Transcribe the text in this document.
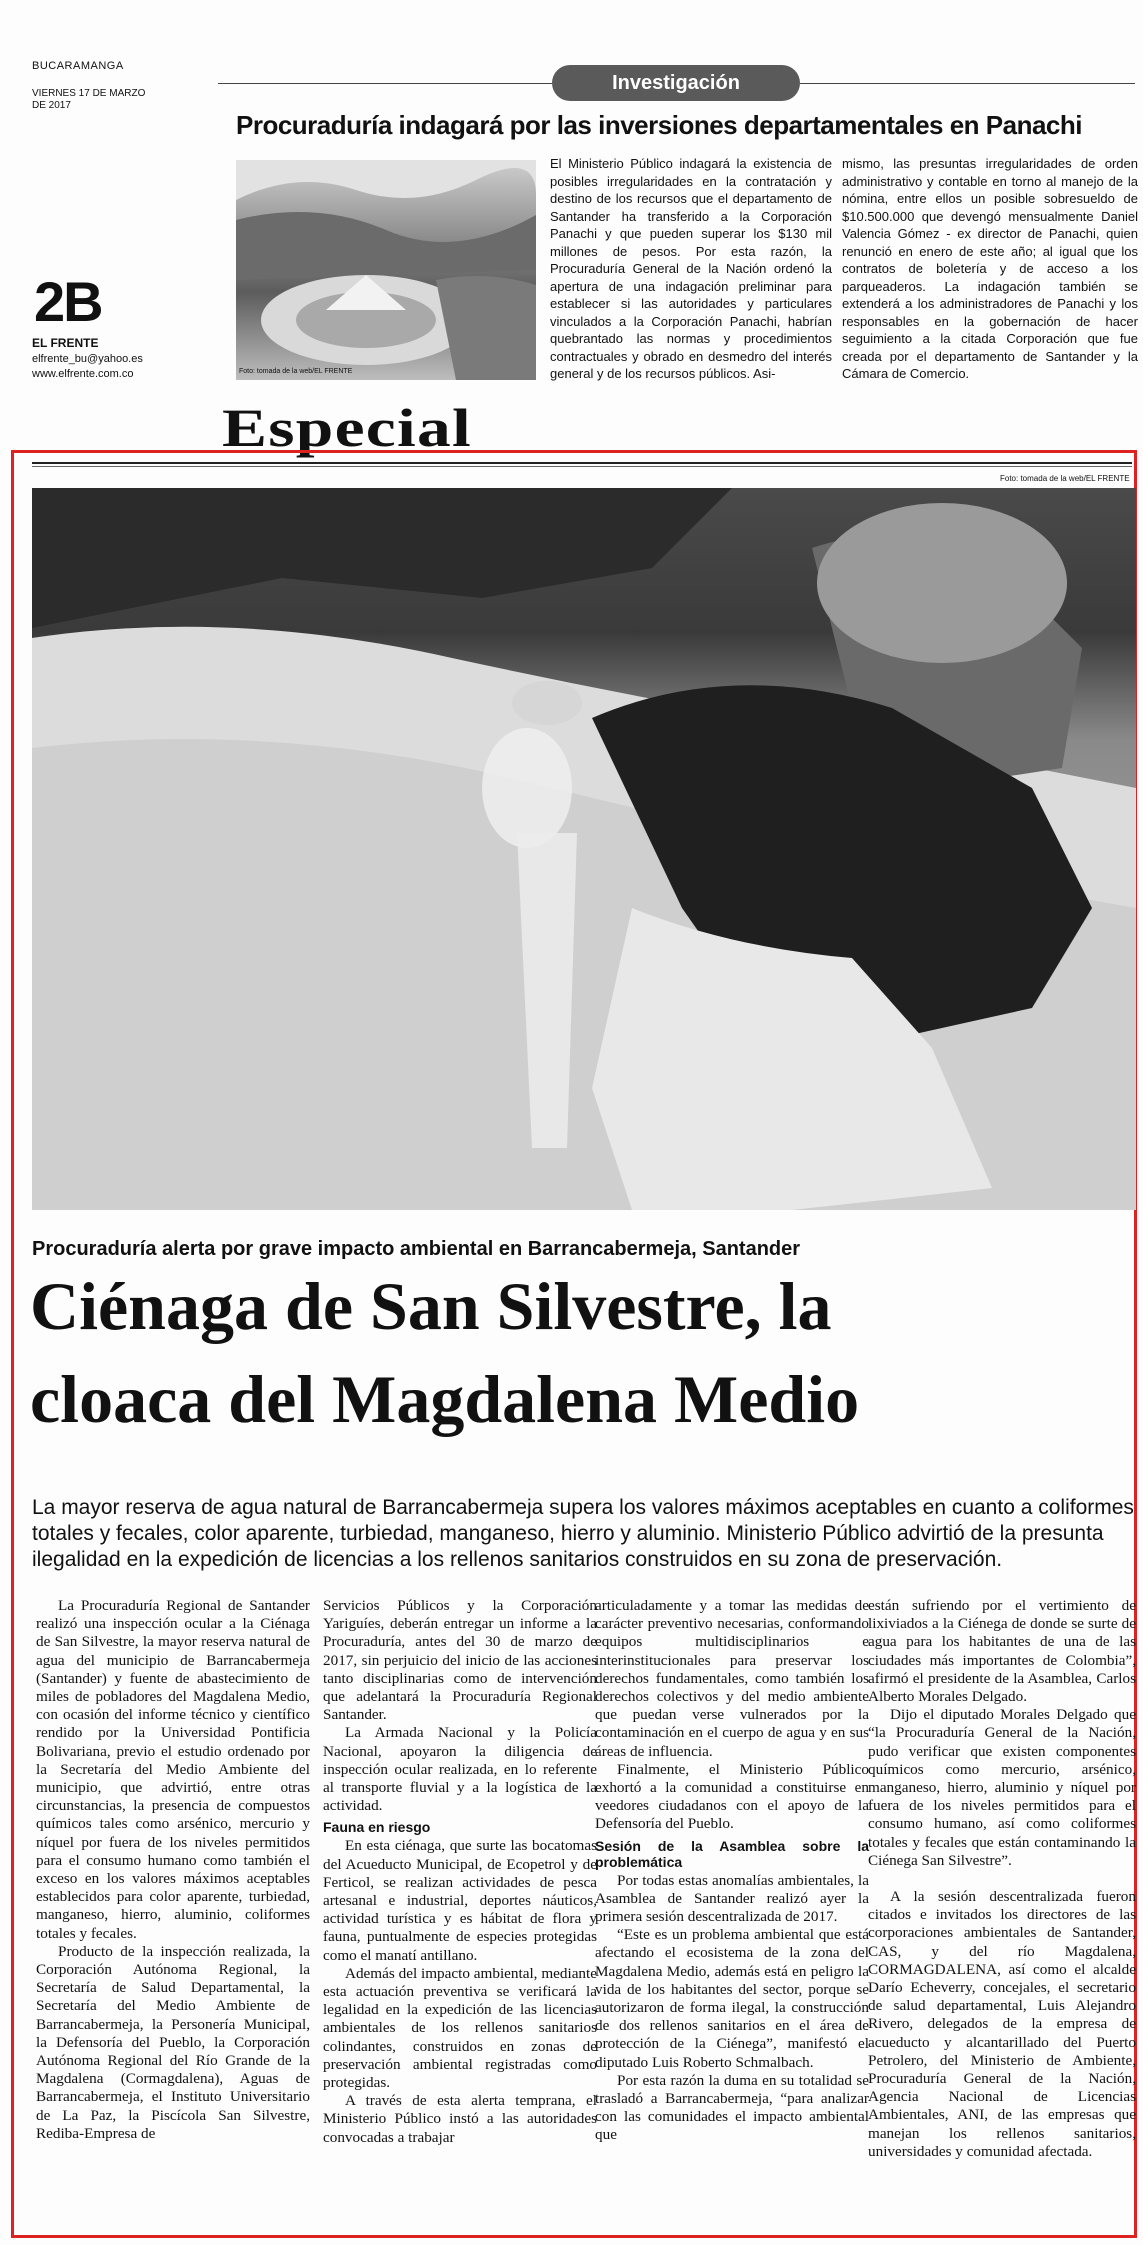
BUCARAMANGA
VIERNES 17 DE MARZO DE 2017
2B
EL FRENTE
elfrente_bu@yahoo.es
www.elfrente.com.co
Investigación
Procuraduría indagará por las inversiones departamentales en Panachi
Foto: tomada de la web/EL FRENTE
El Ministerio Público indagará la existencia de posibles irregularidades en la contratación y destino de los recursos que el departamento de Santander ha transferido a la Corporación Panachi y que pueden superar los $130 mil millones de pesos. Por esta razón, la Procuraduría General de la Nación ordenó la apertura de una indagación preliminar para establecer si las autoridades y particulares vinculados a la Corporación Panachi, habrían quebrantado las normas y procedimientos contractuales y obrado en desmedro del interés general y de los recursos públicos. Asi-
mismo, las presuntas irregularidades de orden administrativo y contable en torno al manejo de la nómina, entre ellos un posible sobresueldo de $10.500.000 que devengó mensualmente Daniel Valencia Gómez - ex director de Panachi, quien renunció en enero de este año; al igual que los contratos de boletería y de acceso a los parqueaderos. La indagación también se extenderá a los administradores de Panachi y los responsables en la gobernación de hacer seguimiento a la citada Corporación que fue creada por el departamento de Santander y la Cámara de Comercio.
Especial
Foto: tomada de la web/EL FRENTE
Procuraduría alerta por grave impacto ambiental en Barrancabermeja, Santander
Ciénaga de San Silvestre, la
cloaca del Magdalena Medio
La mayor reserva de agua natural de Barrancabermeja supera los valores máximos aceptables en cuanto a coliformes totales y fecales, color aparente, turbiedad, manganeso, hierro y aluminio. Ministerio Público advirtió de la presunta ilegalidad en la expedición de licencias a los rellenos sanitarios construidos en su zona de preservación.

La Procuraduría Regional de Santander realizó una inspección ocular a la Ciénaga de San Silvestre, la mayor reserva natural de agua del municipio de Barrancabermeja (Santander) y fuente de abastecimiento de miles de pobladores del Magdalena Medio, con ocasión del informe técnico y científico rendido por la Universidad Pontificia Bolivariana, previo el estudio ordenado por la Secretaría del Medio Ambiente del municipio, que advirtió, entre otras circunstancias, la presencia de compuestos químicos tales como arsénico, mercurio y níquel por fuera de los niveles permitidos para el consumo humano como también el exceso en los valores máximos aceptables establecidos para color aparente, turbiedad, manganeso, hierro, aluminio, coliformes totales y fecales.

Producto de la inspección realizada, la Corporación Autónoma Regional, la Secretaría de Salud Departamental, la Secretaría del Medio Ambiente de Barrancabermeja, la Personería Municipal, la Defensoría del Pueblo, la Corporación Autónoma Regional del Río Grande de la Magdalena (Cormagdalena), Aguas de Barrancabermeja, el Instituto Universitario de La Paz, la Piscícola San Silvestre, Rediba-Empresa de

Servicios Públicos y la Corporación Yariguíes, deberán entregar un informe a la Procuraduría, antes del 30 de marzo de 2017, sin perjuicio del inicio de las acciones tanto disciplinarias como de intervención que adelantará la Procuraduría Regional Santander.

La Armada Nacional y la Policía Nacional, apoyaron la diligencia de inspección ocular realizada, en lo referente al transporte fluvial y a la logística de la actividad.

Fauna en riesgo

En esta ciénaga, que surte las bocatomas del Acueducto Municipal, de Ecopetrol y de Ferticol, se realizan actividades de pesca artesanal e industrial, deportes náuticos, actividad turística y es hábitat de flora y fauna, puntualmente de especies protegidas como el manatí antillano.

Además del impacto ambiental, mediante esta actuación preventiva se verificará la legalidad en la expedición de las licencias ambientales de los rellenos sanitarios colindantes, construidos en zonas de preservación ambiental registradas como protegidas.

A través de esta alerta temprana, el Ministerio Público instó a las autoridades convocadas a trabajar

articuladamente y a tomar las medidas de carácter preventivo necesarias, conformando equipos multidisciplinarios e interinstitucionales para preservar los derechos fundamentales, como también los derechos colectivos y del medio ambiente que puedan verse vulnerados por la contaminación en el cuerpo de agua y en sus áreas de influencia.

Finalmente, el Ministerio Público exhortó a la comunidad a constituirse en veedores ciudadanos con el apoyo de la Defensoría del Pueblo.

Sesión de la Asamblea sobre la problemática

Por todas estas anomalías ambientales, la Asamblea de Santander realizó ayer la primera sesión descentralizada de 2017.

“Este es un problema ambiental que está afectando el ecosistema de la zona del Magdalena Medio, además está en peligro la vida de los habitantes del sector, porque se autorizaron de forma ilegal, la construcción de dos rellenos sanitarios en el área de protección de la Ciénega”, manifestó el diputado Luis Roberto Schmalbach.

Por esta razón la duma en su totalidad se trasladó a Barrancabermeja, “para analizar con las comunidades el impacto ambiental que

están sufriendo por el vertimiento de lixiviados a la Ciénega de donde se surte de agua para los habitantes de una de las ciudades más importantes de Colombia”, afirmó el presidente de la Asamblea, Carlos Alberto Morales Delgado.

Dijo el diputado Morales Delgado que “la Procuraduría General de la Nación, pudo verificar que existen componentes químicos como mercurio, arsénico, manganeso, hierro, aluminio y níquel por fuera de los niveles permitidos para el consumo humano, así como coliformes totales y fecales que están contaminando la Ciénega San Silvestre”.

A la sesión descentralizada fueron citados e invitados los directores de las corporaciones ambientales de Santander, CAS, y del río Magdalena, CORMAGDALENA, así como el alcalde Darío Echeverry, concejales, el secretario de salud departamental, Luis Alejandro Rivero, delegados de la empresa de acueducto y alcantarillado del Puerto Petrolero, del Ministerio de Ambiente, Procuraduría General de la Nación, Agencia Nacional de Licencias Ambientales, ANI, de las empresas que manejan los rellenos sanitarios, universidades y comunidad afectada.
